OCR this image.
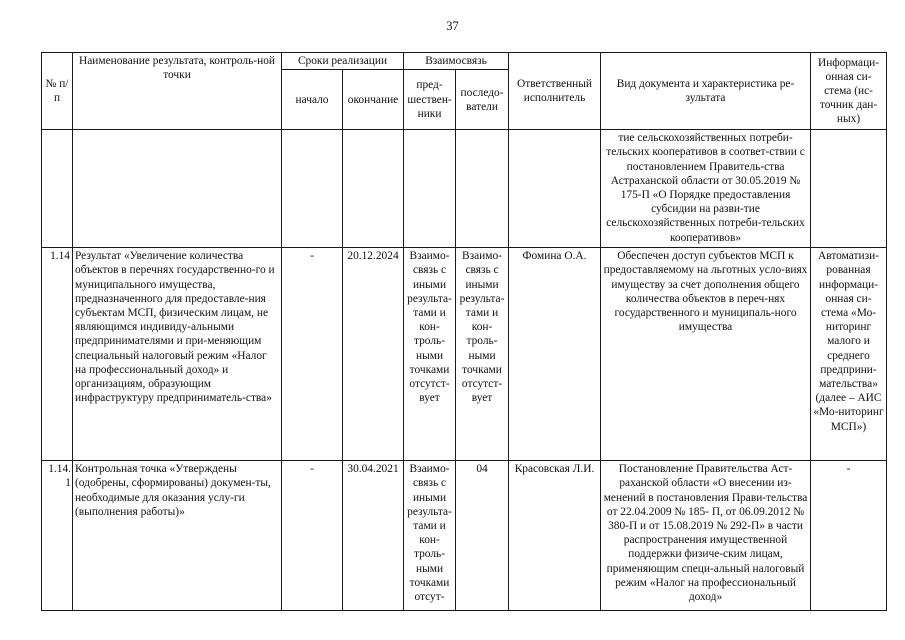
37
№ п/п	Наименование результата, контроль-ной точки	Сроки реализации		Взаимосвязь		Ответственный исполнитель	Вид документа и характеристика ре-зультата	Информаци-онная си-стема (ис-точник дан-ных)
		начало	окончание	пред-шествен-ники	последо-ватели			
							тие сельскохозяйственных потреби-тельских кооперативов в соответ-ствии с постановлением Правитель-ства Астраханской области от 30.05.2019 № 175-П «О Порядке предоставления субсидии на разви-тие сельскохозяйственных потреби-тельских кооперативов»	
1.14	Результат «Увеличение количества объектов в перечнях государственно-го и муниципального имущества, предназначенного для предоставле-ния субъектам МСП, физическим лицам, не являющимся индивиду-альными предпринимателями и при-меняющим специальный налоговый режим «Налог на профессиональный доход» и организациям, образующим инфраструктуру предприниматель-ства»	-	20.12.2024	Взаимо-связь с иными результа-тами и кон-троль-ными точками отсутст-вует	Взаимо-связь с иными результа-тами и кон-троль-ными точками отсутст-вует	Фомина О.А.	Обеспечен доступ субъектов МСП к предоставляемому на льготных усло-виях имуществу за счет дополнения общего количества объектов в переч-нях государственного и муниципаль-ного имущества	Автоматизи-рованная информаци-онная си-стема «Мо-ниторинг малого и среднего предприни-мательства» (далее – АИС «Мо-ниторинг МСП»)
1.14.1	Контрольная точка «Утверждены (одобрены, сформированы) докумен-ты, необходимые для оказания услу-ги (выполнения работы)»	-	30.04.2021	Взаимо-связь с иными результа-тами и кон-троль-ными точками отсут-	04	Красовская Л.И.	Постановление Правительства Аст-раханской области «О внесении из-менений в постановления Прави-тельства от 22.04.2009 № 185- П, от 06.09.2012 № 380-П и от 15.08.2019 № 292-П» в части распространения имущественной поддержки физиче-ским лицам, применяющим специ-альный налоговый режим «Налог на профессиональный доход»	-
